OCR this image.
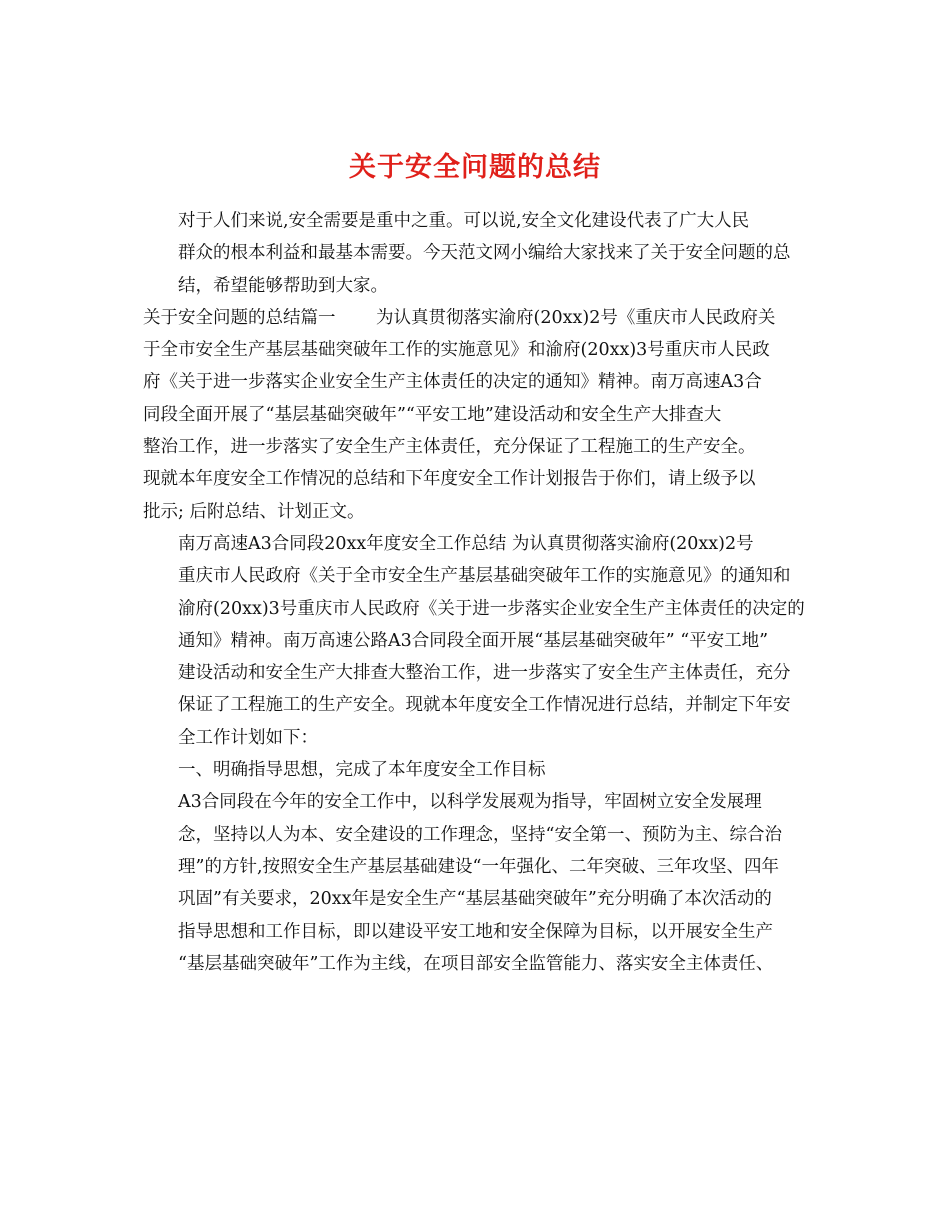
关于安全问题的总结

对于人们来说,安全需要是重中之重。可以说,安全文化建设代表了广大人民
群众的根本利益和最基本需要。今天范文网小编给大家找来了关于安全问题的总
结，希望能够帮助到大家。

关于安全问题的总结篇一　　 为认真贯彻落实渝府(20xx)2号《重庆市人民政府关
于全市安全生产基层基础突破年工作的实施意见》和渝府(20xx)3号重庆市人民政
府《关于进一步落实企业安全生产主体责任的决定的通知》精神。南万高速A3合
同段全面开展了“基层基础突破年”“平安工地”建设活动和安全生产大排查大
整治工作，进一步落实了安全生产主体责任，充分保证了工程施工的生产安全。
现就本年度安全工作情况的总结和下年度安全工作计划报告于你们，请上级予以
批示; 后附总结、计划正文。

南万高速A3合同段20xx年度安全工作总结 为认真贯彻落实渝府(20xx)2号
重庆市人民政府《关于全市安全生产基层基础突破年工作的实施意见》的通知和
渝府(20xx)3号重庆市人民政府《关于进一步落实企业安全生产主体责任的决定的
通知》精神。南万高速公路A3合同段全面开展“基层基础突破年” “平安工地”
建设活动和安全生产大排查大整治工作，进一步落实了安全生产主体责任，充分
保证了工程施工的生产安全。现就本年度安全工作情况进行总结，并制定下年安
全工作计划如下：

一、明确指导思想，完成了本年度安全工作目标

A3合同段在今年的安全工作中，以科学发展观为指导，牢固树立安全发展理
念，坚持以人为本、安全建设的工作理念，坚持“安全第一、预防为主、综合治
理”的方针,按照安全生产基层基础建设“一年强化、二年突破、三年攻坚、四年
巩固”有关要求，20xx年是安全生产“基层基础突破年”充分明确了本次活动的
指导思想和工作目标，即以建设平安工地和安全保障为目标，以开展安全生产
“基层基础突破年”工作为主线，在项目部安全监管能力、落实安全主体责任、
